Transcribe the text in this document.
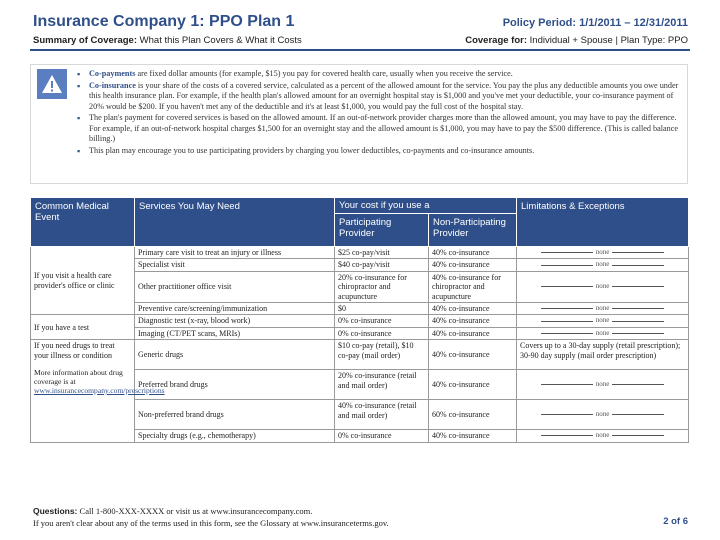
Insurance Company 1: PPO Plan 1
Summary of Coverage: What this Plan Covers & What it Costs
Policy Period: 1/1/2011 – 12/31/2011
Coverage for: Individual + Spouse | Plan Type: PPO
▪ Co-payments are fixed dollar amounts (for example, $15) you pay for covered health care, usually when you receive the service.
▪ Co-insurance is your share of the costs of a covered service, calculated as a percent of the allowed amount for the service. You pay the plus any deductible amounts you owe under this health insurance plan. For example, if the health plan's allowed amount for an overnight hospital stay is $1,000 and you've met your deductible, your co-insurance payment of 20% would be $200. If you haven't met any of the deductible and it's at least $1,000, you would pay the full cost of the hospital stay.
▪ The plan's payment for covered services is based on the allowed amount. If an out-of-network provider charges more than the allowed amount, you may have to pay the difference. For example, if an out-of-network hospital charges $1,500 for an overnight stay and the allowed amount is $1,000, you may have to pay the $500 difference. (This is called balance billing.)
▪ This plan may encourage you to use participating providers by charging you lower deductibles, co-payments and co-insurance amounts.
Common Medical Event	Services You May Need	Your cost if you use a		Limitations & Exceptions
		Participating Provider	Non-Participating Provider	
If you visit a health care provider's office or clinic	Primary care visit to treat an injury or illness	$25 co-pay/visit	40% co-insurance	none

	Specialist visit	$40 co-pay/visit	40% co-insurance	none

	Other practitioner office visit	20% co-insurance for chiropractor and acupuncture	40% co-insurance for chiropractor and acupuncture	none

	Preventive care/screening/immunization	$0	40% co-insurance	none

If you have a test	Diagnostic test (x-ray, blood work)	0% co-insurance	40% co-insurance	none

	Imaging (CT/PET scans, MRIs)	0% co-insurance	40% co-insurance	none

If you need drugs to treat your illness or condition
More information about drug coverage is at
www.insurancecompany.com/prescriptions	Generic drugs	$10 co-pay (retail), $10 co-pay (mail order)	40% co-insurance	Covers up to a 30-day supply (retail prescription); 30-90 day supply (mail order prescription)
	Preferred brand drugs	20% co-insurance (retail and mail order)	40% co-insurance	none

	Non-preferred brand drugs	40% co-insurance (retail and mail order)	60% co-insurance	none

	Specialty drugs (e.g., chemotherapy)	0% co-insurance	40% co-insurance	none
Questions: Call 1-800-XXX-XXXX or visit us at www.insurancecompany.com.
If you aren't clear about any of the terms used in this form, see the Glossary at www.insuranceterms.gov.	2 of 6
